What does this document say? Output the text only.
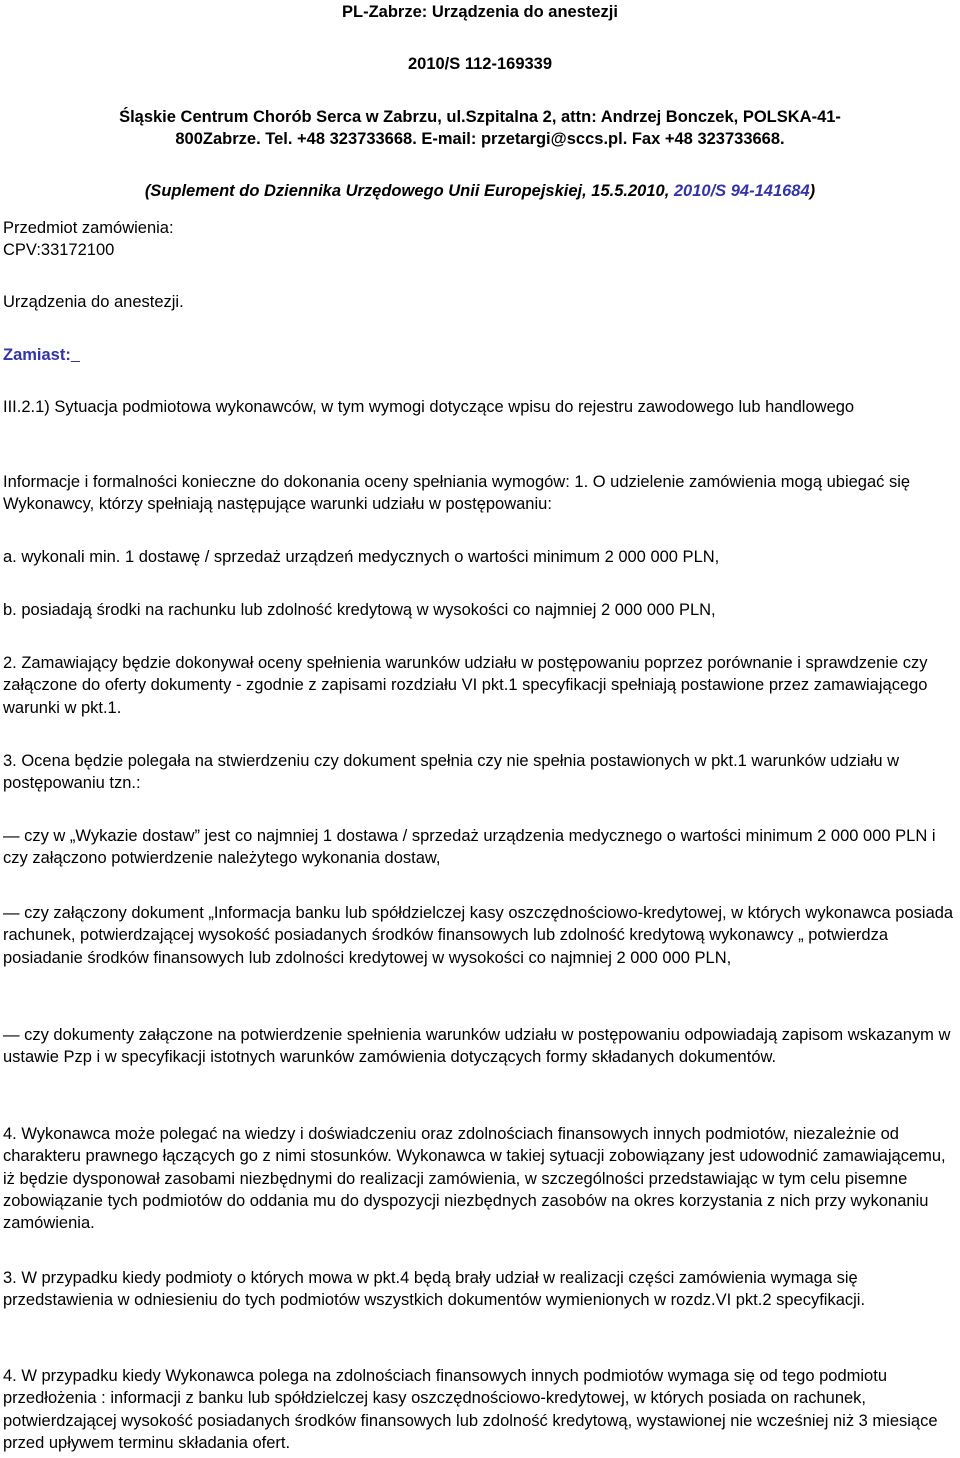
PL-Zabrze: Urządzenia do anestezji

2010/S 112-169339

Śląskie Centrum Chorób Serca w Zabrzu, ul.Szpitalna 2, attn: Andrzej Bonczek, POLSKA-41-

800Zabrze. Tel. +48 323733668. E-mail: przetargi@sccs.pl. Fax +48 323733668.

(Suplement do Dziennika Urzędowego Unii Europejskiej, 15.5.2010, 2010/S 94-141684)

Przedmiot zamówienia:

CPV:33172100

Urządzenia do anestezji.

Zamiast:

III.2.1) Sytuacja podmiotowa wykonawców, w tym wymogi dotyczące wpisu do rejestru zawodowego lub handlowego

Informacje i formalności konieczne do dokonania oceny spełniania wymogów: 1. O udzielenie zamówienia mogą ubiegać się Wykonawcy, którzy spełniają następujące warunki udziału w postępowaniu:

a. wykonali min. 1 dostawę / sprzedaż urządzeń medycznych o wartości minimum 2 000 000 PLN,

b. posiadają środki na rachunku lub zdolność kredytową w wysokości co najmniej 2 000 000 PLN,

2. Zamawiający będzie dokonywał oceny spełnienia warunków udziału w postępowaniu poprzez porównanie i sprawdzenie czy załączone do oferty dokumenty - zgodnie z zapisami rozdziału VI pkt.1 specyfikacji spełniają postawione przez zamawiającego warunki w pkt.1.

3. Ocena będzie polegała na stwierdzeniu czy dokument spełnia czy nie spełnia postawionych w pkt.1 warunków udziału w postępowaniu tzn.:

— czy w „Wykazie dostaw” jest co najmniej 1 dostawa / sprzedaż urządzenia medycznego o wartości minimum 2 000 000 PLN i czy załączono potwierdzenie należytego wykonania dostaw,

— czy załączony dokument „Informacja banku lub spółdzielczej kasy oszczędnościowo-kredytowej, w których wykonawca posiada rachunek, potwierdzającej wysokość posiadanych środków finansowych lub zdolność kredytową wykonawcy „ potwierdza posiadanie środków finansowych lub zdolności kredytowej w wysokości co najmniej 2 000 000 PLN,

— czy dokumenty załączone na potwierdzenie spełnienia warunków udziału w postępowaniu odpowiadają zapisom wskazanym w ustawie Pzp i w specyfikacji istotnych warunków zamówienia dotyczących formy składanych dokumentów.

4. Wykonawca może polegać na wiedzy i doświadczeniu oraz zdolnościach finansowych innych podmiotów, niezależnie od charakteru prawnego łączących go z nimi stosunków. Wykonawca w takiej sytuacji zobowiązany jest udowodnić zamawiającemu, iż będzie dysponował zasobami niezbędnymi do realizacji zamówienia, w szczególności przedstawiając w tym celu pisemne zobowiązanie tych podmiotów do oddania mu do dyspozycji niezbędnych zasobów na okres korzystania z nich przy wykonaniu zamówienia.

3. W przypadku kiedy podmioty o których mowa w pkt.4 będą brały udział w realizacji części zamówienia wymaga się przedstawienia w odniesieniu do tych podmiotów wszystkich dokumentów wymienionych w rozdz.VI pkt.2 specyfikacji.

4. W przypadku kiedy Wykonawca polega na zdolnościach finansowych innych podmiotów wymaga się od tego podmiotu przedłożenia : informacji z banku lub spółdzielczej kasy oszczędnościowo-kredytowej, w których posiada on rachunek, potwierdzającej wysokość posiadanych środków finansowych lub zdolność kredytową, wystawionej nie wcześniej niż 3 miesiące przed upływem terminu składania ofert.
